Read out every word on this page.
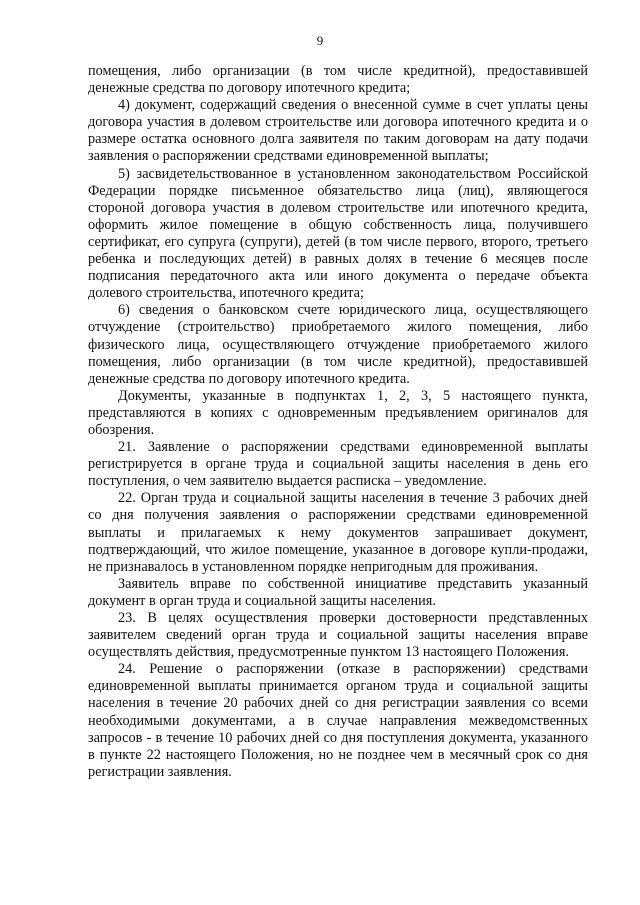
9

помещения, либо организации (в том числе кредитной), предоставившей денежные средства по договору ипотечного кредита;

4) документ, содержащий сведения о внесенной сумме в счет уплаты цены договора участия в долевом строительстве или договора ипотечного кредита и о размере остатка основного долга заявителя по таким договорам на дату подачи заявления о распоряжении средствами единовременной выплаты;

5) засвидетельствованное в установленном законодательством Российской Федерации порядке письменное обязательство лица (лиц), являющегося стороной договора участия в долевом строительстве или ипотечного кредита, оформить жилое помещение в общую собственность лица, получившего сертификат, его супруга (супруги), детей (в том числе первого, второго, третьего ребенка и последующих детей) в равных долях в течение 6 месяцев после подписания передаточного акта или иного документа о передаче объекта долевого строительства, ипотечного кредита;

6) сведения о банковском счете юридического лица, осуществляющего отчуждение (строительство) приобретаемого жилого помещения, либо физического лица, осуществляющего отчуждение приобретаемого жилого помещения, либо организации (в том числе кредитной), предоставившей денежные средства по договору ипотечного кредита.

Документы, указанные в подпунктах 1, 2, 3, 5 настоящего пункта, представляются в копиях с одновременным предъявлением оригиналов для обозрения.

21. Заявление о распоряжении средствами единовременной выплаты регистрируется в органе труда и социальной защиты населения в день его поступления, о чем заявителю выдается расписка – уведомление.

22. Орган труда и социальной защиты населения в течение 3 рабочих дней со дня получения заявления о распоряжении средствами единовременной выплаты и прилагаемых к нему документов запрашивает документ, подтверждающий, что жилое помещение, указанное в договоре купли-продажи, не признавалось в установленном порядке непригодным для проживания.

Заявитель вправе по собственной инициативе представить указанный документ в орган труда и социальной защиты населения.

23. В целях осуществления проверки достоверности представленных заявителем сведений орган труда и социальной защиты населения вправе осуществлять действия, предусмотренные пунктом 13 настоящего Положения.

24. Решение о распоряжении (отказе в распоряжении) средствами единовременной выплаты принимается органом труда и социальной защиты населения в течение 20 рабочих дней со дня регистрации заявления со всеми необходимыми документами, а в случае направления межведомственных запросов - в течение 10 рабочих дней со дня поступления документа, указанного в пункте 22 настоящего Положения, но не позднее чем в месячный срок со дня регистрации заявления.
